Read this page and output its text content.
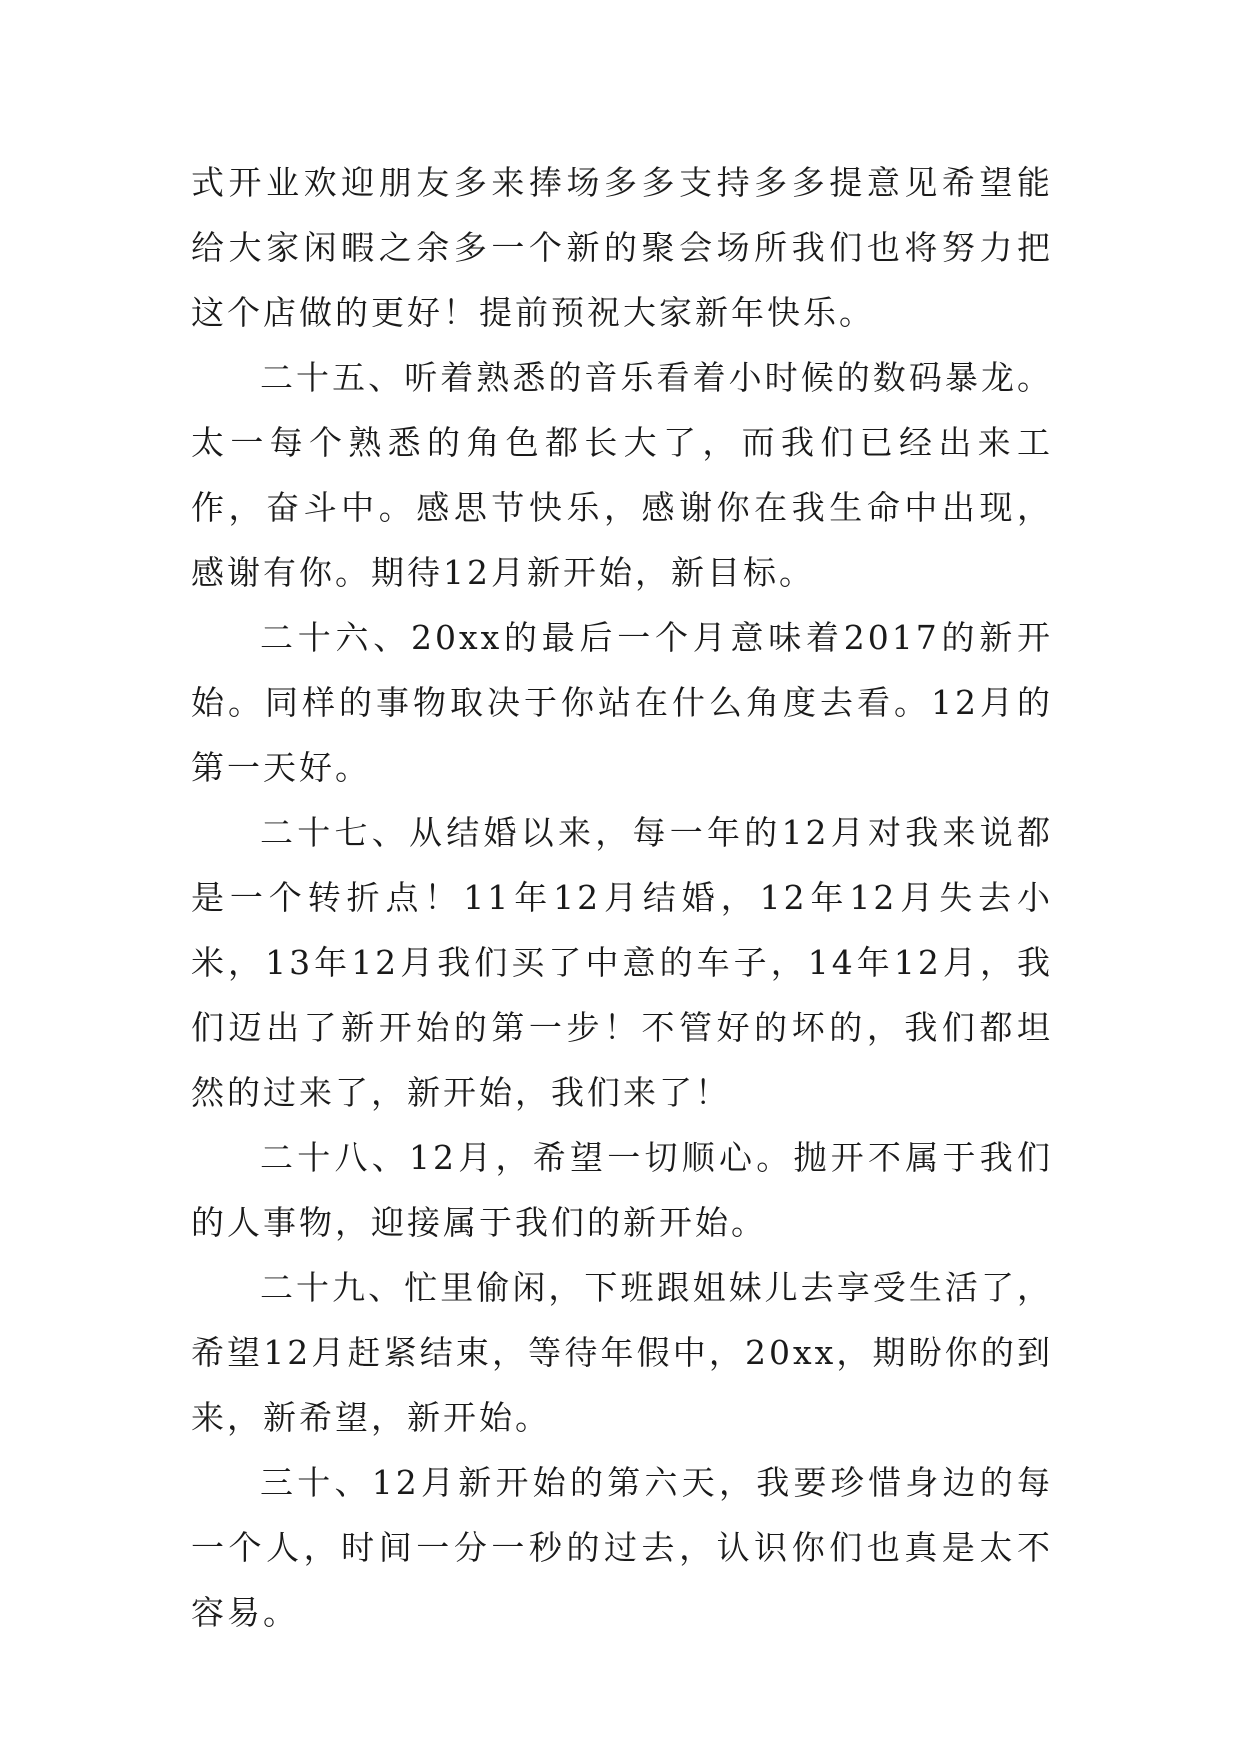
式开业欢迎朋友多来捧场多多支持多多提意见希望能给大家闲暇之余多一个新的聚会场所我们也将努力把这个店做的更好！提前预祝大家新年快乐。

二十五、听着熟悉的音乐看着小时候的数码暴龙。太一每个熟悉的角色都长大了，而我们已经出来工作，奋斗中。感思节快乐，感谢你在我生命中出现，感谢有你。期待12月新开始，新目标。

二十六、20xx的最后一个月意味着2017的新开始。同样的事物取决于你站在什么角度去看。12月的第一天好。

二十七、从结婚以来，每一年的12月对我来说都是一个转折点！11年12月结婚，12年12月失去小米，13年12月我们买了中意的车子，14年12月，我们迈出了新开始的第一步！不管好的坏的，我们都坦然的过来了，新开始，我们来了！

二十八、12月，希望一切顺心。抛开不属于我们的人事物，迎接属于我们的新开始。

二十九、忙里偷闲，下班跟姐妹儿去享受生活了，希望12月赶紧结束，等待年假中，20xx，期盼你的到来，新希望，新开始。

三十、12月新开始的第六天，我要珍惜身边的每一个人，时间一分一秒的过去，认识你们也真是太不容易。
